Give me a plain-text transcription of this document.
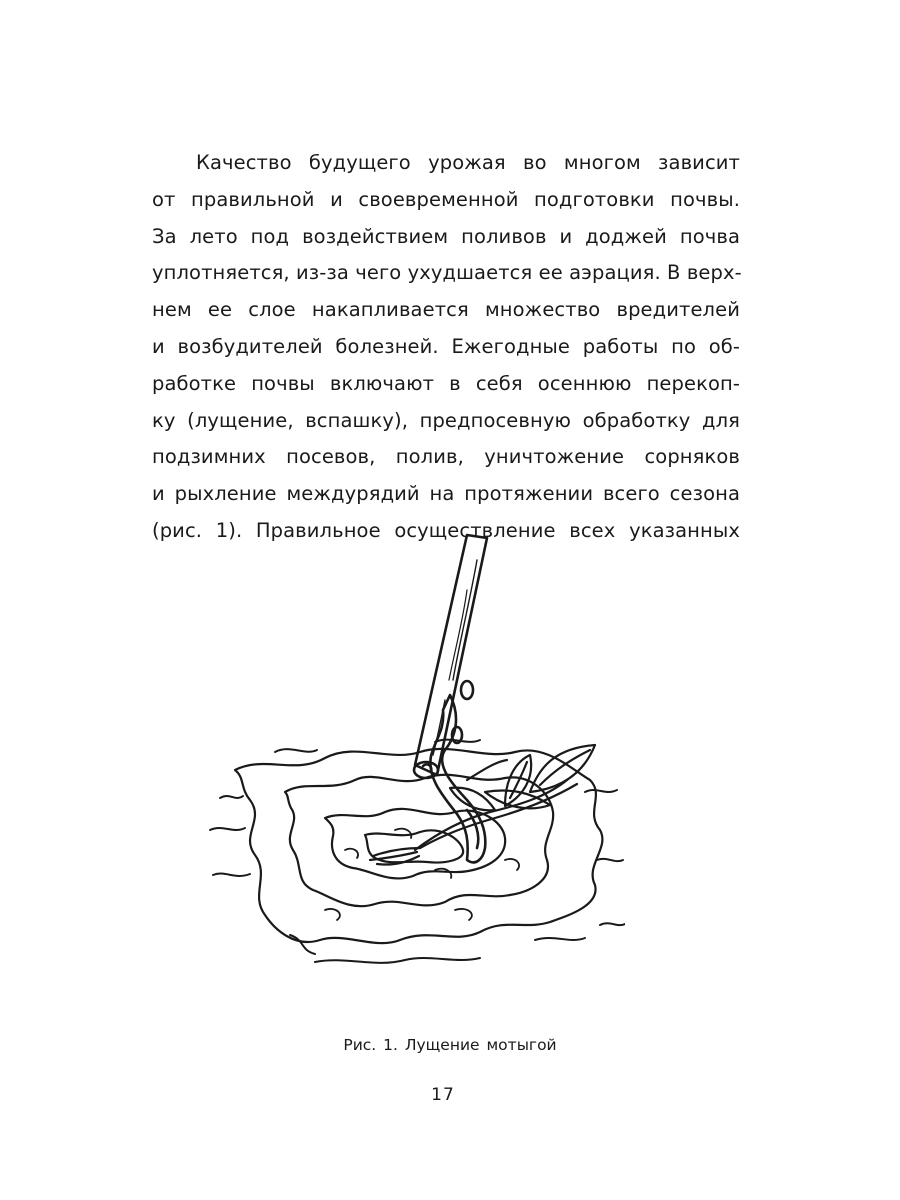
Качество будущего урожая во многом зависит
от правильной и своевременной подготовки почвы.
За лето под воздействием поливов и доджей почва
уплотняется, из-за чего ухудшается ее аэрация. В верх-
нем ее слое накапливается множество вредителей
и возбудителей болезней. Ежегодные работы по об-
работке почвы включают в себя осеннюю перекоп-
ку (лущение, вспашку), предпосевную обработку для
подзимних посевов, полив, уничтожение сорняков
и рыхление междурядий на протяжении всего сезона
(рис. 1). Правильное осуществление всех указанных
Рис. 1. Лущение мотыгой
17
